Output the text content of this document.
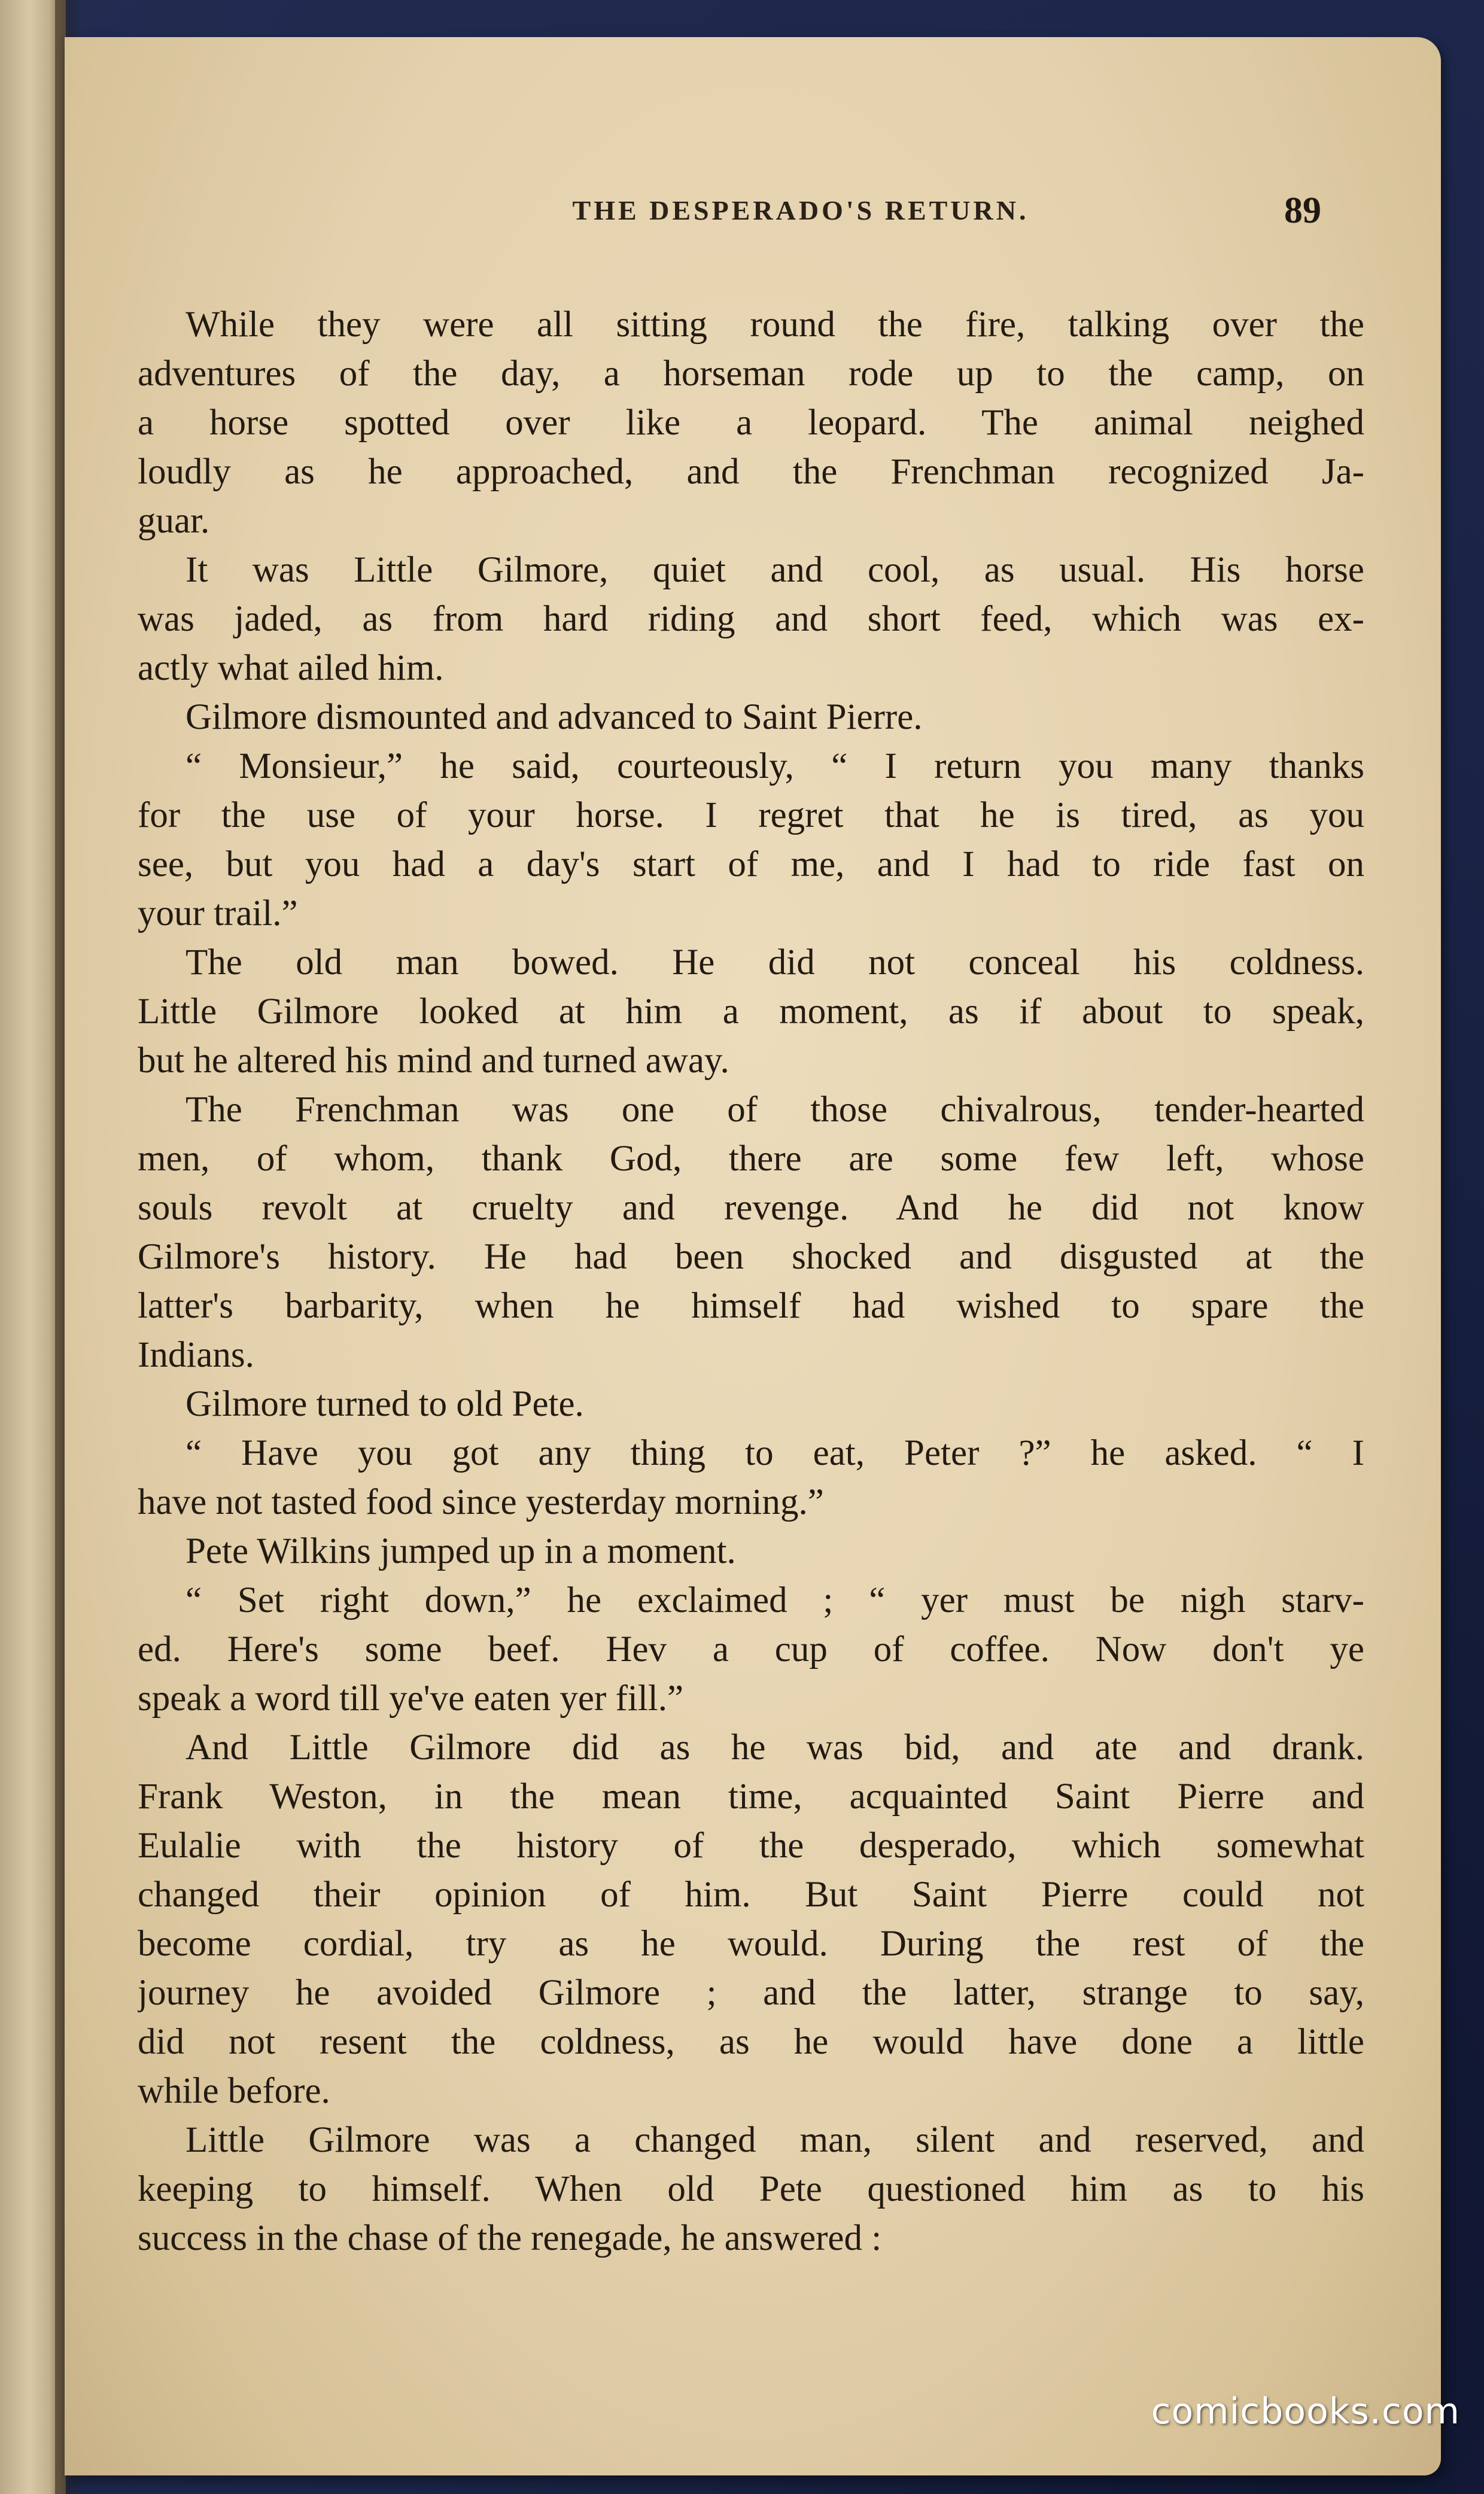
THE DESPERADO'S RETURN.	89
While they were all sitting round the fire, talking over the
adventures of the day, a horseman rode up to the camp, on
a horse spotted over like a leopard. The animal neighed
loudly as he approached, and the Frenchman recognized Ja-
guar.
It was Little Gilmore, quiet and cool, as usual. His horse
was jaded, as from hard riding and short feed, which was ex-
actly what ailed him.
Gilmore dismounted and advanced to Saint Pierre.
“ Monsieur,” he said, courteously, “ I return you many thanks
for the use of your horse. I regret that he is tired, as you
see, but you had a day's start of me, and I had to ride fast on
your trail.”
The old man bowed. He did not conceal his coldness.
Little Gilmore looked at him a moment, as if about to speak,
but he altered his mind and turned away.
The Frenchman was one of those chivalrous, tender-hearted
men, of whom, thank God, there are some few left, whose
souls revolt at cruelty and revenge. And he did not know
Gilmore's history. He had been shocked and disgusted at the
latter's barbarity, when he himself had wished to spare the
Indians.
Gilmore turned to old Pete.
“ Have you got any thing to eat, Peter ?” he asked. “ I
have not tasted food since yesterday morning.”
Pete Wilkins jumped up in a moment.
“ Set right down,” he exclaimed ; “ yer must be nigh starv-
ed. Here's some beef. Hev a cup of coffee. Now don't ye
speak a word till ye've eaten yer fill.”
And Little Gilmore did as he was bid, and ate and drank.
Frank Weston, in the mean time, acquainted Saint Pierre and
Eulalie with the history of the desperado, which somewhat
changed their opinion of him. But Saint Pierre could not
become cordial, try as he would. During the rest of the
journey he avoided Gilmore ; and the latter, strange to say,
did not resent the coldness, as he would have done a little
while before.
Little Gilmore was a changed man, silent and reserved, and
keeping to himself. When old Pete questioned him as to his
success in the chase of the renegade, he answered :
comicbooks.com
